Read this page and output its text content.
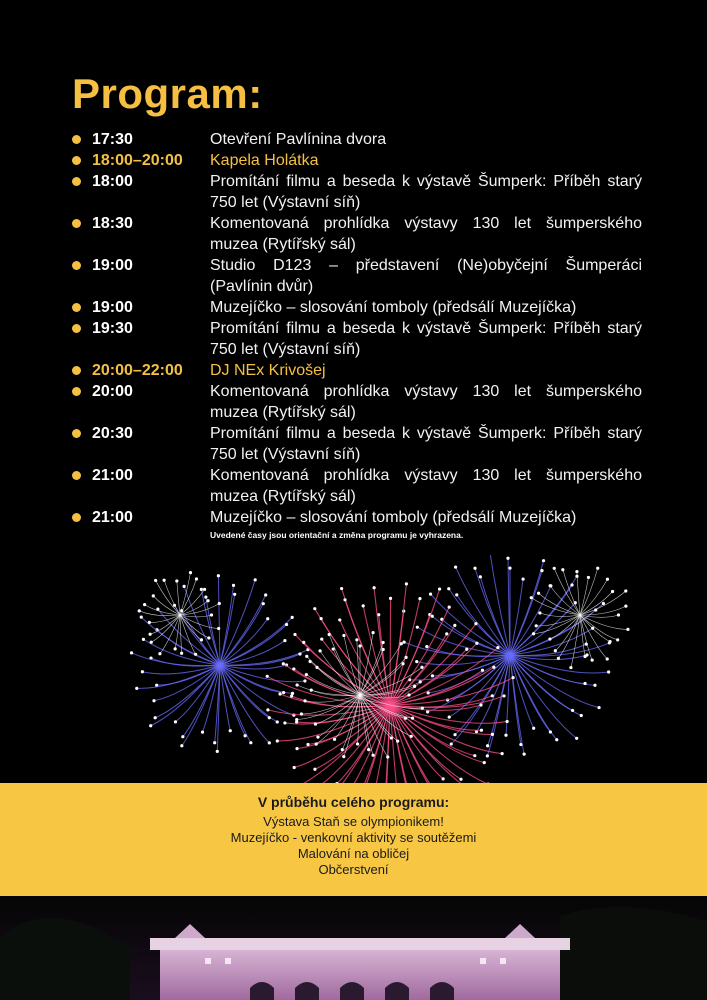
Program:
17:30	Otevření Pavlínina dvora
18:00–20:00	Kapela Holátka
18:00	Promítání filmu a beseda k výstavě Šumperk: Příběh starý 750 let (Výstavní síň)
18:30	Komentovaná prohlídka výstavy 130 let šumperského muzea (Rytířský sál)
19:00	Studio D123 – představení (Ne)obyčejní Šumperáci (Pavlínin dvůr)
19:00	Muzejíčko – slosování tomboly (předsálí Muzejíčka)
19:30	Promítání filmu a beseda k výstavě Šumperk: Příběh starý 750 let (Výstavní síň)
20:00–22:00	DJ NEx Krivošej
20:00	Komentovaná prohlídka výstavy 130 let šumperského muzea (Rytířský sál)
20:30	Promítání filmu a beseda k výstavě Šumperk: Příběh starý 750 let (Výstavní síň)
21:00	Komentovaná prohlídka výstavy 130 let šumperského muzea (Rytířský sál)
21:00	Muzejíčko – slosování tomboly (předsálí Muzejíčka)
Uvedené časy jsou orientační a změna programu je vyhrazena.
V průběhu celého programu:
Výstava Staň se olympionikem!
Muzejíčko - venkovní aktivity se soutěžemi
Malování na obličej
Občerstvení
